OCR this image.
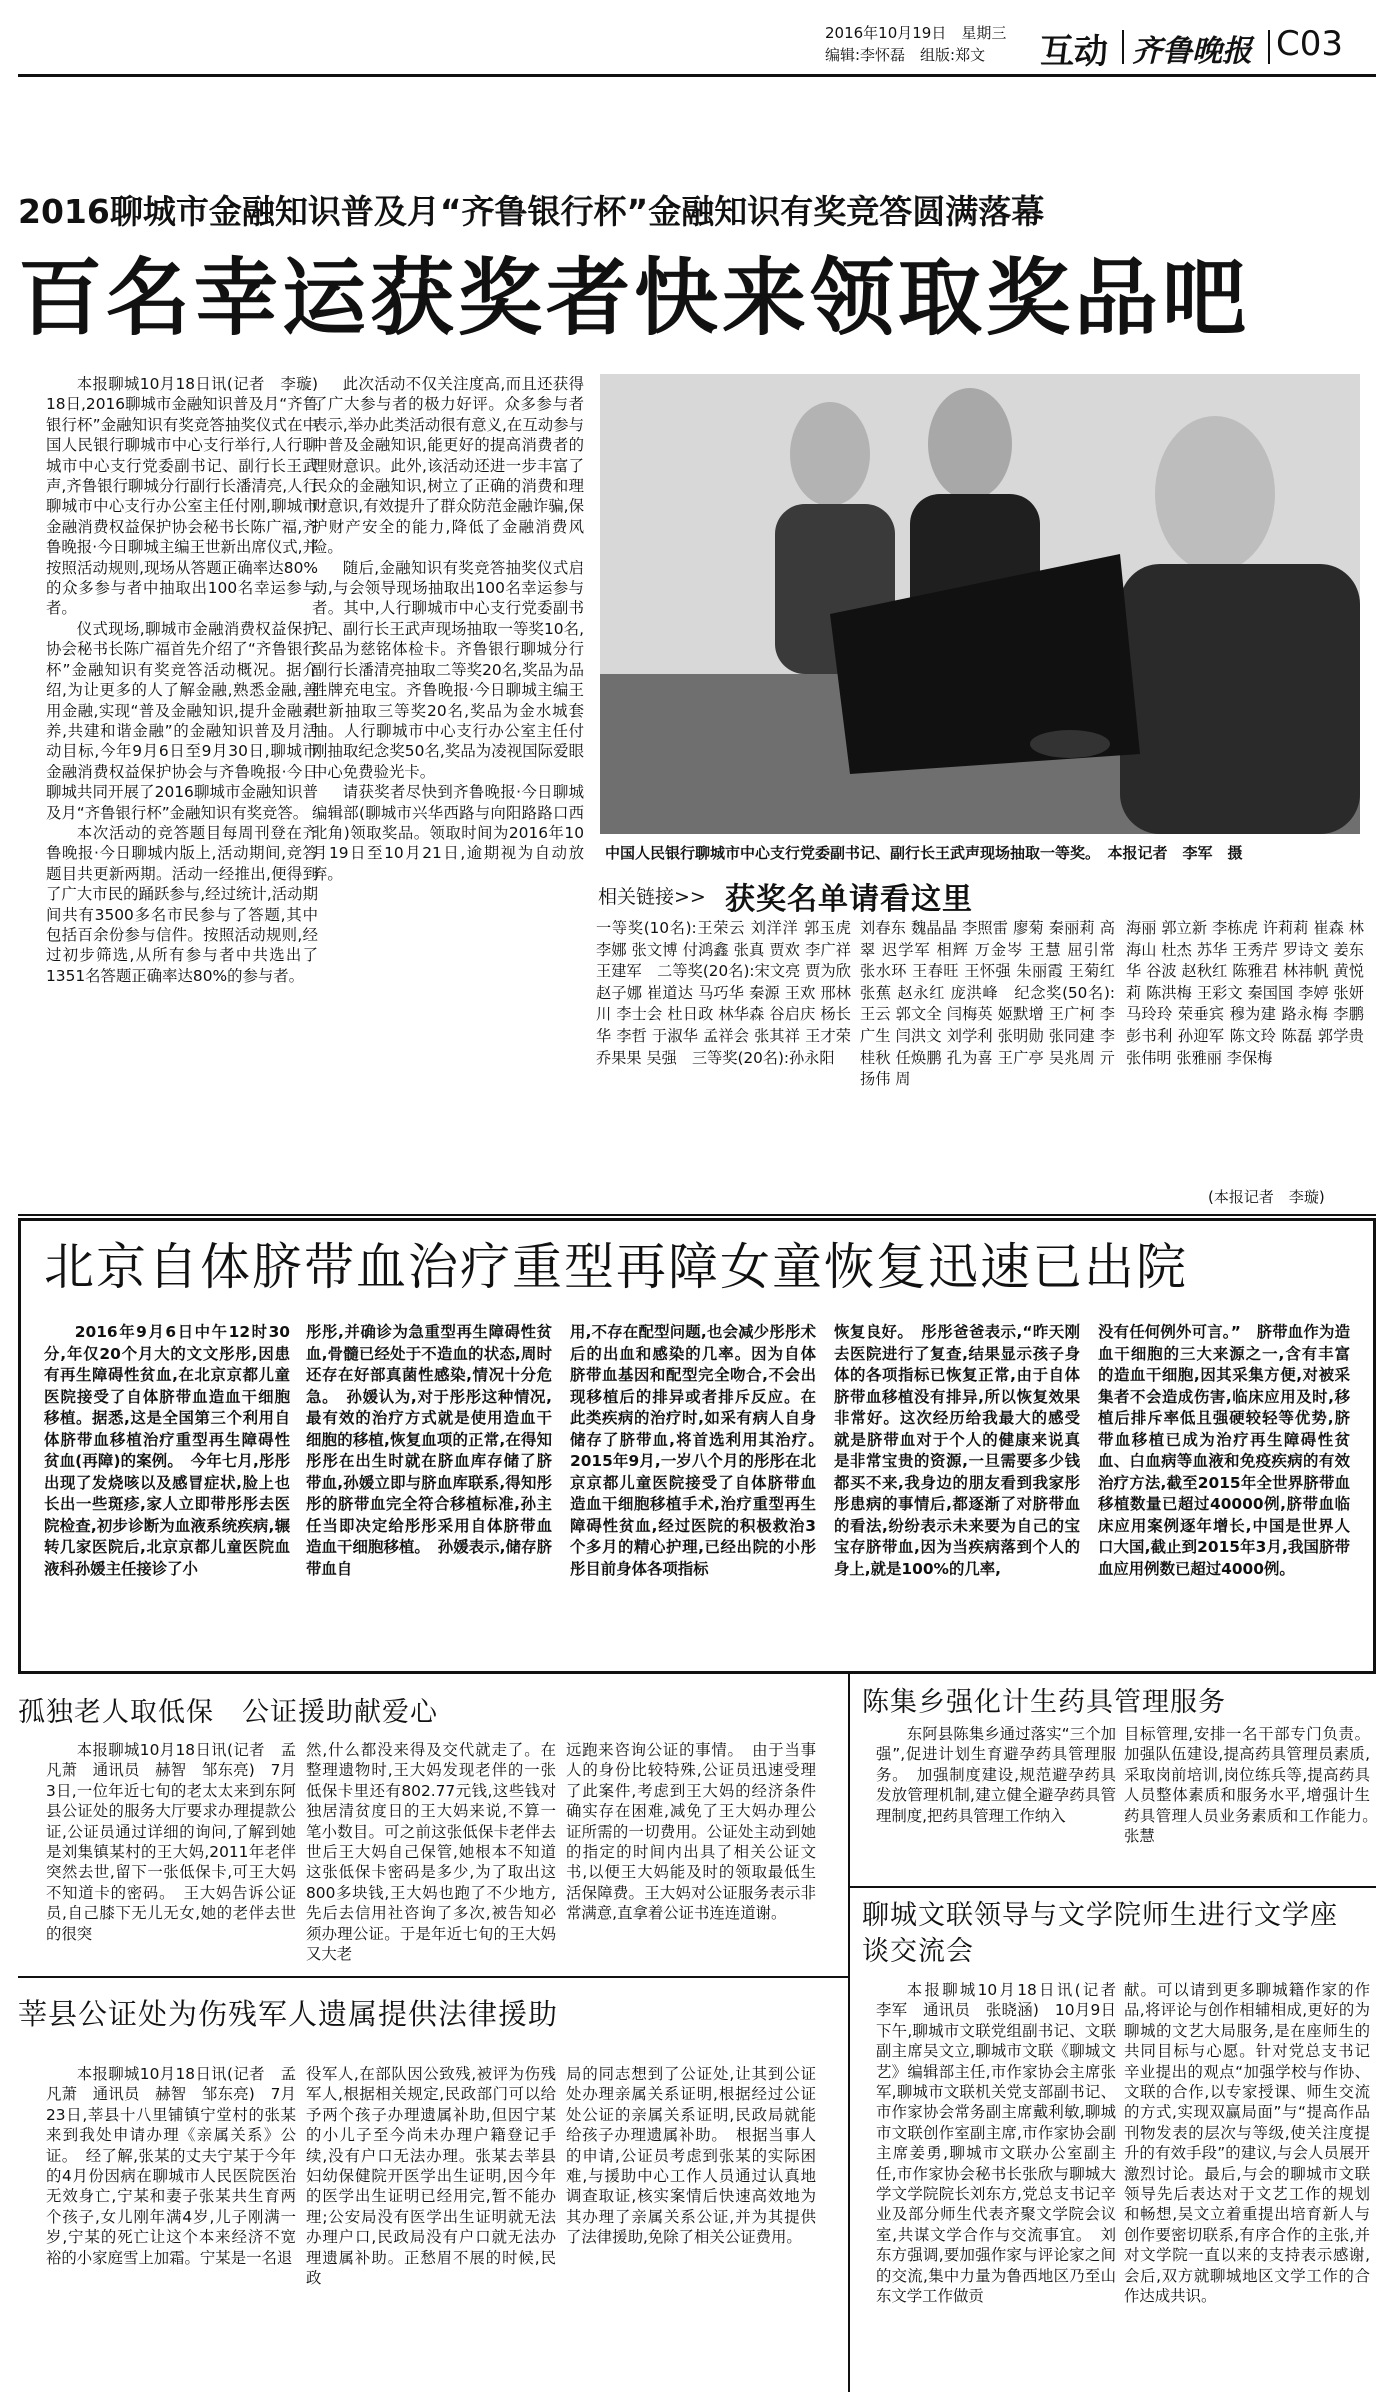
2016年10月19日　星期三
编辑:李怀磊　组版:郑文 互动 齐鲁晚报 C03
2016聊城市金融知识普及月“齐鲁银行杯”金融知识有奖竞答圆满落幕
百名幸运获奖者快来领取奖品吧

本报聊城10月18日讯(记者　李璇)　18日,2016聊城市金融知识普及月“齐鲁银行杯”金融知识有奖竞答抽奖仪式在中国人民银行聊城市中心支行举行,人行聊城市中心支行党委副书记、副行长王武声,齐鲁银行聊城分行副行长潘清亮,人行聊城市中心支行办公室主任付刚,聊城市金融消费权益保护协会秘书长陈广福,齐鲁晚报·今日聊城主编王世新出席仪式,并按照活动规则,现场从答题正确率达80%的众多参与者中抽取出100名幸运参与者。

仪式现场,聊城市金融消费权益保护协会秘书长陈广福首先介绍了“齐鲁银行杯”金融知识有奖竞答活动概况。据介绍,为让更多的人了解金融,熟悉金融,善用金融,实现“普及金融知识,提升金融素养,共建和谐金融”的金融知识普及月活动目标,今年9月6日至9月30日,聊城市金融消费权益保护协会与齐鲁晚报·今日聊城共同开展了2016聊城市金融知识普及月“齐鲁银行杯”金融知识有奖竞答。

本次活动的竞答题目每周刊登在齐鲁晚报·今日聊城内版上,活动期间,竞答题目共更新两期。活动一经推出,便得到了广大市民的踊跃参与,经过统计,活动期间共有3500多名市民参与了答题,其中包括百余份参与信件。按照活动规则,经过初步筛选,从所有参与者中共选出了1351名答题正确率达80%的参与者。

此次活动不仅关注度高,而且还获得了广大参与者的极力好评。众多参与者表示,举办此类活动很有意义,在互动参与中普及金融知识,能更好的提高消费者的理财意识。此外,该活动还进一步丰富了民众的金融知识,树立了正确的消费和理财意识,有效提升了群众防范金融诈骗,保护财产安全的能力,降低了金融消费风险。

随后,金融知识有奖竞答抽奖仪式启动,与会领导现场抽取出100名幸运参与者。其中,人行聊城市中心支行党委副书记、副行长王武声现场抽取一等奖10名,奖品为慈铭体检卡。齐鲁银行聊城分行副行长潘清亮抽取二等奖20名,奖品为品胜牌充电宝。齐鲁晚报·今日聊城主编王世新抽取三等奖20名,奖品为金水城套抽。人行聊城市中心支行办公室主任付刚抽取纪念奖50名,奖品为凌视国际爱眼中心免费验光卡。

请获奖者尽快到齐鲁晚报·今日聊城编辑部(聊城市兴华西路与向阳路路口西北角)领取奖品。领取时间为2016年10月19日至10月21日,逾期视为自动放弃。

中国人民银行聊城市中心支行党委副书记、副行长王武声现场抽取一等奖。　本报记者　李军　摄
相关链接>> 获奖名单请看这里
一等奖(10名):王荣云 刘洋洋 郭玉虎 李娜 张文博 付鸿鑫 张真 贾欢 李广祥 王建军　二等奖(20名):宋文亮 贾为欣 赵子娜 崔道达 马巧华 秦源 王欢 邢林川 李士会 杜日政 林华森 谷启庆 杨长华 李哲 于淑华 孟祥会 张其祥 王才荣 乔果果 吴强　三等奖(20名):孙永阳
刘春东 魏晶晶 李照雷 廖菊 秦丽莉 高翠 迟学军 相辉 万金岑 王慧 屈引常 张水环 王春旺 王怀强 朱丽霞 王菊红 张蕉 赵永红 庞洪峰　纪念奖(50名):王云 郭文全 闫梅英 姬默增 王广柯 李广生 闫洪文 刘学利 张明勋 张同建 李桂秋 任焕鹏 孔为喜 王广亭 吴兆周 亓扬伟 周
海丽 郭立新 李栋虎 许莉莉 崔森 林海山 杜杰 苏华 王秀芹 罗诗文 姜东华 谷波 赵秋红 陈雅君 林祎帆 黄悦莉 陈洪梅 王彩文 秦国国 李婷 张妍 马玲玲 荣垂宾 穆为建 路永梅 李鹏 彭书利 孙迎军 陈文玲 陈磊 郭学贵 张伟明 张雅丽 李保梅
(本报记者　李璇)
北京自体脐带血治疗重型再障女童恢复迅速已出院

2016年9月6日中午12时30分,年仅20个月大的文文彤彤,因患有再生障碍性贫血,在北京京都儿童医院接受了自体脐带血造血干细胞移植。据悉,这是全国第三个利用自体脐带血移植治疗重型再生障碍性贫血(再障)的案例。　今年七月,彤彤出现了发烧咳以及感冒症状,脸上也长出一些斑疹,家人立即带彤彤去医院检查,初步诊断为血液系统疾病,辗转几家医院后,北京京都儿童医院血液科孙媛主任接诊了小

彤彤,并确诊为急重型再生障碍性贫血,骨髓已经处于不造血的状态,周时还存在好部真菌性感染,情况十分危急。　孙媛认为,对于彤彤这种情况,最有效的治疗方式就是使用造血干细胞的移植,恢复血项的正常,在得知彤彤在出生时就在脐血库存储了脐带血,孙媛立即与脐血库联系,得知彤彤的脐带血完全符合移植标准,孙主任当即决定给彤彤采用自体脐带血造血干细胞移植。　孙媛表示,储存脐带血自

用,不存在配型问题,也会减少彤彤术后的出血和感染的几率。因为自体脐带血基因和配型完全吻合,不会出现移植后的排异或者排斥反应。在此类疾病的治疗时,如采有病人自身储存了脐带血,将首选利用其治疗。　2015年9月,一岁八个月的彤彤在北京京都儿童医院接受了自体脐带血造血干细胞移植手术,治疗重型再生障碍性贫血,经过医院的积极救治3个多月的精心护理,已经出院的小彤彤目前身体各项指标

恢复良好。　彤彤爸爸表示,“昨天刚去医院进行了复查,结果显示孩子身体的各项指标已恢复正常,由于自体脐带血移植没有排异,所以恢复效果非常好。这次经历给我最大的感受就是脐带血对于个人的健康来说真是非常宝贵的资源,一旦需要多少钱都买不来,我身边的朋友看到我家彤彤患病的事情后,都逐渐了对脐带血的看法,纷纷表示未来要为自己的宝宝存脐带血,因为当疾病落到个人的身上,就是100%的几率,

没有任何例外可言。”　脐带血作为造血干细胞的三大来源之一,含有丰富的造血干细胞,因其采集方便,对被采集者不会造成伤害,临床应用及时,移植后排斥率低且强硬较轻等优势,脐带血移植已成为治疗再生障碍性贫血、白血病等血液和免疫疾病的有效治疗方法,截至2015年全世界脐带血移植数量已超过40000例,脐带血临床应用案例逐年增长,中国是世界人口大国,截止到2015年3月,我国脐带血应用例数已超过4000例。

孤独老人取低保　公证援助献爱心

本报聊城10月18日讯(记者　孟凡萧　通讯员　赫智　邹东亮)　7月3日,一位年近七旬的老太太来到东阿县公证处的服务大厅要求办理提款公证,公证员通过详细的询问,了解到她是刘集镇某村的王大妈,2011年老伴突然去世,留下一张低保卡,可王大妈不知道卡的密码。　王大妈告诉公证员,自己膝下无儿无女,她的老伴去世的很突

然,什么都没来得及交代就走了。在整理遗物时,王大妈发现老伴的一张低保卡里还有802.77元钱,这些钱对独居清贫度日的王大妈来说,不算一笔小数目。可之前这张低保卡老伴去世后王大妈自己保管,她根本不知道这张低保卡密码是多少,为了取出这800多块钱,王大妈也跑了不少地方,先后去信用社咨询了多次,被告知必须办理公证。于是年近七旬的王大妈又大老

远跑来咨询公证的事情。　由于当事人的身份比较特殊,公证员迅速受理了此案件,考虑到王大妈的经济条件确实存在困难,减免了王大妈办理公证所需的一切费用。公证处主动到她的指定的时间内出具了相关公证文书,以便王大妈能及时的领取最低生活保障费。王大妈对公证服务表示非常满意,直拿着公证书连连道谢。

莘县公证处为伤残军人遗属提供法律援助

本报聊城10月18日讯(记者　孟凡萧　通讯员　赫智　邹东亮)　7月23日,莘县十八里铺镇宁堂村的张某来到我处申请办理《亲属关系》公证。　经了解,张某的丈夫宁某于今年的4月份因病在聊城市人民医院医治无效身亡,宁某和妻子张某共生育两个孩子,女儿刚年满4岁,儿子刚满一岁,宁某的死亡让这个本来经济不宽裕的小家庭雪上加霜。宁某是一名退

役军人,在部队因公致残,被评为伤残军人,根据相关规定,民政部门可以给予两个孩子办理遗属补助,但因宁某的小儿子至今尚未办理户籍登记手续,没有户口无法办理。张某去莘县妇幼保健院开医学出生证明,因今年的医学出生证明已经用完,暂不能办理;公安局没有医学出生证明就无法办理户口,民政局没有户口就无法办理遗属补助。正愁眉不展的时候,民政

局的同志想到了公证处,让其到公证处办理亲属关系证明,根据经过公证处公证的亲属关系证明,民政局就能给孩子办理遗属补助。　根据当事人的申请,公证员考虑到张某的实际困难,与援助中心工作人员通过认真地调查取证,核实案情后快速高效地为其办理了亲属关系公证,并为其提供了法律援助,免除了相关公证费用。

陈集乡强化计生药具管理服务

东阿县陈集乡通过落实“三个加强”,促进计划生育避孕药具管理服务。　加强制度建设,规范避孕药具发放管理机制,建立健全避孕药具管理制度,把药具管理工作纳入

目标管理,安排一名干部专门负责。加强队伍建设,提高药具管理员素质,采取岗前培训,岗位练兵等,提高药具人员整体素质和服务水平,增强计生药具管理人员业务素质和工作能力。　张慧

聊城文联领导与文学院师生进行文学座谈交流会

本报聊城10月18日讯(记者　李军　通讯员　张晓涵)　10月9日下午,聊城市文联党组副书记、文联副主席吴文立,聊城市文联《聊城文艺》编辑部主任,市作家协会主席张军,聊城市文联机关党支部副书记、市作家协会常务副主席戴利敏,聊城市文联创作室副主席,市作家协会副主席姜勇,聊城市文联办公室副主任,市作家协会秘书长张欣与聊城大学文学院院长刘东方,党总支书记辛业及部分师生代表齐聚文学院会议室,共谋文学合作与交流事宜。　刘东方强调,要加强作家与评论家之间的交流,集中力量为鲁西地区乃至山东文学工作做贡

献。可以请到更多聊城籍作家的作品,将评论与创作相辅相成,更好的为聊城的文艺大局服务,是在座师生的共同目标与心愿。针对党总支书记辛业提出的观点“加强学校与作协、文联的合作,以专家授课、师生交流的方式,实现双赢局面”与“提高作品刊物发表的层次与等级,使关注度提升的有效手段”的建议,与会人员展开激烈讨论。最后,与会的聊城市文联领导先后表达对于文艺工作的规划和畅想,吴文立着重提出培育新人与创作要密切联系,有序合作的主张,并对文学院一直以来的支持表示感谢,会后,双方就聊城地区文学工作的合作达成共识。
